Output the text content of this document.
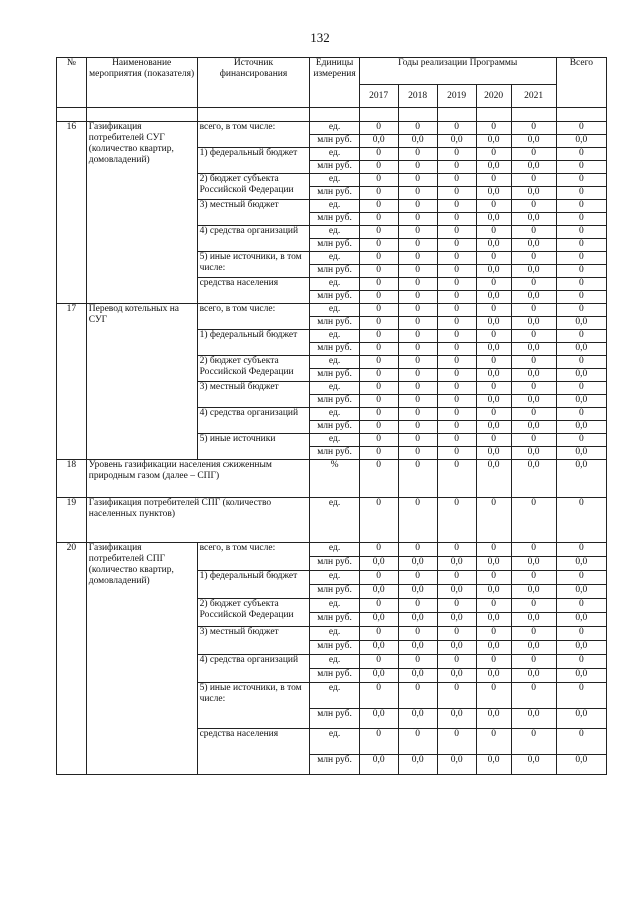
132
№	Наименование мероприятия (показателя)	Источник финансирования	Единицы измерения	Годы реализации Программы					Всего
				2017	2018	2019	2020	2021	

16	Газификация потребителей СУГ (количество квартир, домовладений)	всего, в том числе:	ед.	0	0	0	0	0	0
			млн руб.	0,0	0,0	0,0	0,0	0,0	0,0
		1) федеральный бюджет	ед.	0	0	0	0	0	0
			млн руб.	0	0	0	0,0	0,0	0
		2) бюджет субъекта Российской Федерации	ед.	0	0	0	0	0	0
			млн руб.	0	0	0	0,0	0,0	0
		3) местный бюджет	ед.	0	0	0	0	0	0
			млн руб.	0	0	0	0,0	0,0	0
		4) средства организаций	ед.	0	0	0	0	0	0
			млн руб.	0	0	0	0,0	0,0	0
		5) иные источники, в том числе:	ед.	0	0	0	0	0	0
			млн руб.	0	0	0	0,0	0,0	0
		средства населения	ед.	0	0	0	0	0	0
			млн руб.	0	0	0	0,0	0,0	0
17	Перевод котельных на СУГ	всего, в том числе:	ед.	0	0	0	0	0	0
			млн руб.	0	0	0	0,0	0,0	0,0
		1) федеральный бюджет	ед.	0	0	0	0	0	0
			млн руб.	0	0	0	0,0	0,0	0,0
		2) бюджет субъекта Российской Федерации	ед.	0	0	0	0	0	0
			млн руб.	0	0	0	0,0	0,0	0,0
		3) местный бюджет	ед.	0	0	0	0	0	0
			млн руб.	0	0	0	0,0	0,0	0,0
		4) средства организаций	ед.	0	0	0	0	0	0
			млн руб.	0	0	0	0,0	0,0	0,0
		5) иные источники	ед.	0	0	0	0	0	0
			млн руб.	0	0	0	0,0	0,0	0,0
18	Уровень газификации населения сжиженным природным газом (далее – СПГ)		%	0	0	0	0,0	0,0	0,0
19	Газификация потребителей СПГ (количество населенных пунктов)		ед.	0	0	0	0	0	0
20	Газификация потребителей СПГ (количество квартир, домовладений)	всего, в том числе:	ед.	0	0	0	0	0	0
			млн руб.	0,0	0,0	0,0	0,0	0,0	0,0
		1) федеральный бюджет	ед.	0	0	0	0	0	0
			млн руб.	0,0	0,0	0,0	0,0	0,0	0,0
		2) бюджет субъекта Российской Федерации	ед.	0	0	0	0	0	0
			млн руб.	0,0	0,0	0,0	0,0	0,0	0,0
		3) местный бюджет	ед.	0	0	0	0	0	0
			млн руб.	0,0	0,0	0,0	0,0	0,0	0,0
		4) средства организаций	ед.	0	0	0	0	0	0
			млн руб.	0,0	0,0	0,0	0,0	0,0	0,0
		5) иные источники, в том числе:	ед.	0	0	0	0	0	0
			млн руб.	0,0	0,0	0,0	0,0	0,0	0,0
		средства населения	ед.	0	0	0	0	0	0
			млн руб.	0,0	0,0	0,0	0,0	0,0	0,0
